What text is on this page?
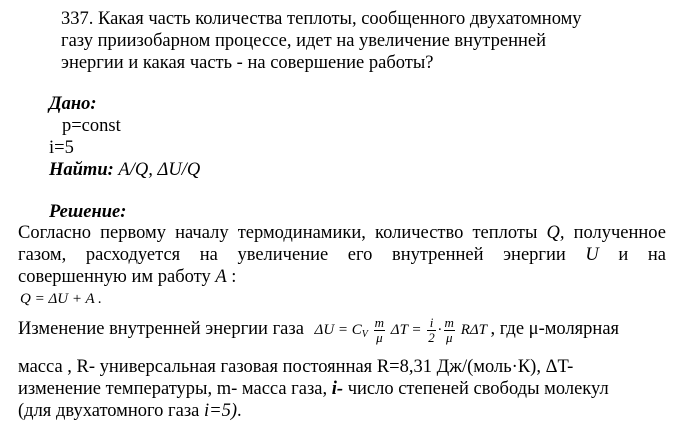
337. Какая часть количества теплоты, сообщенного двухатомному
газу приизобарном процессе, идет на увеличение внутренней
энергии и какая часть - на совершение работы?
Дано:
p=const
i=5
Найти: A/Q, ΔU/Q
Решение:
Согласно первому началу термодинамики, количество теплоты Q, полученное
газом, расходуется на увеличение его внутренней энергии U и на
совершенную им работу A :
Q = ΔU + A .
Изменение внутренней энергии газа $\Delta U = C_V \frac{m}{\mu}$ $\Delta T = \frac{i}{2} \cdot \frac{m}{\mu}$ RΔT , где μ-молярная
масса , R- универсальная газовая постоянная R=8,31 Дж/(моль·К), ΔT-
изменение температуры, m- масса газа, i- число степеней свободы молекул
(для двухатомного газа i=5).
